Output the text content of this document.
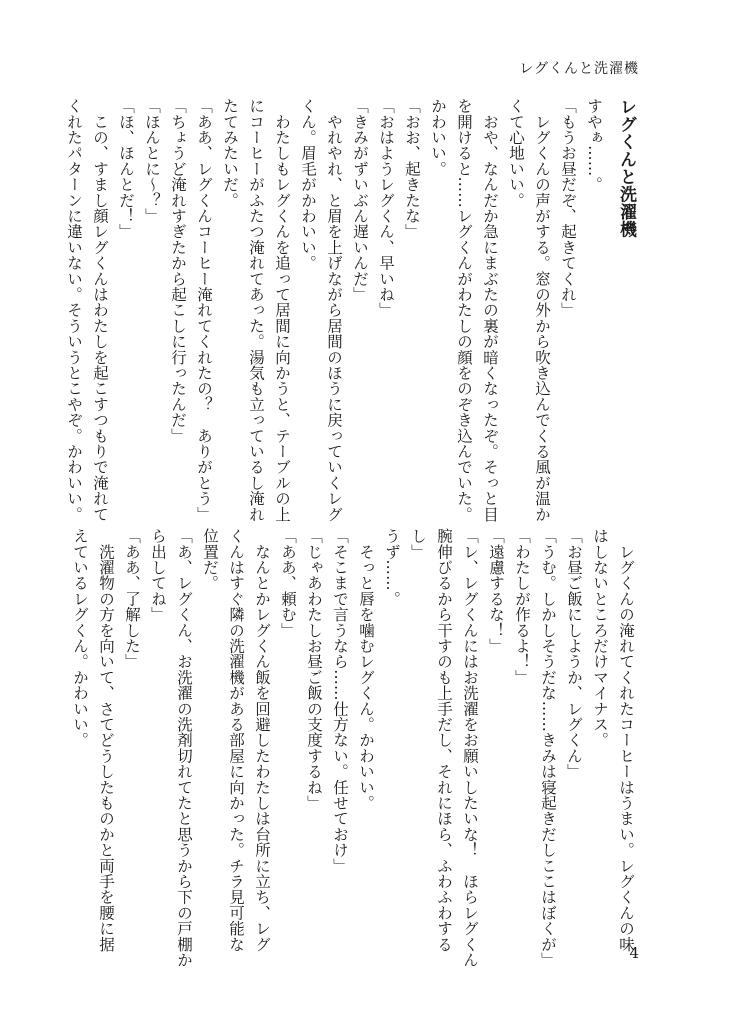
レグくんと洗濯機

レグくんと洗濯機

すやぁ……。

「もうお昼だぞ、起きてくれ」

　レグくんの声がする。窓の外から吹き込んでくる風が温か

くて心地いい。

　おや、なんだか急にまぶたの裏が暗くなったぞ。そっと目

を開けると……レグくんがわたしの顔をのぞき込んでいた。

かわいい。

「おお、起きたな」

「おはようレグくん、早いね」

「きみがずいぶん遅いんだ」

　やれやれ、と眉を上げながら居間のほうに戻っていくレグ

くん。眉毛がかわいい。

　わたしもレグくんを追って居間に向かうと、テーブルの上

にコーヒーがふたつ淹れてあった。湯気も立っているし淹れ

たてみたいだ。

「ああ、レグくんコーヒー淹れてくれたの？　ありがとう」

「ちょうど淹れすぎたから起こしに行ったんだ」

「ほんとに〜？」

「ほ、ほんとだ！」

　この、すまし顔レグくんはわたしを起こすつもりで淹れて

くれたパターンに違いない。そういうとこやぞ。かわいい。

　レグくんの淹れてくれたコーヒーはうまい。レグくんの味

はしないところだけマイナス。

「お昼ご飯にしようか、レグくん」

「うむ。しかしそうだな……きみは寝起きだしここはぼくが」

「わたしが作るよ！」

「遠慮するな！」

「レ、レグくんにはお洗濯をお願いしたいな！　ほらレグくん

腕伸びるから干すのも上手だし、それにほら、ふわふわする

し」

うず……。

　そっと唇を噛むレグくん。かわいい。

「そこまで言うなら……仕方ない。任せておけ」

「じゃあわたしお昼ご飯の支度するね」

「ああ、頼む」

　なんとかレグくん飯を回避したわたしは台所に立ち、レグ

くんはすぐ隣の洗濯機がある部屋に向かった。チラ見可能な

位置だ。

「あ、レグくん、お洗濯の洗剤切れてたと思うから下の戸棚か

ら出してね」

「ああ、了解した」

　洗濯物の方を向いて、さてどうしたものかと両手を腰に据

えているレグくん。かわいい。

4
